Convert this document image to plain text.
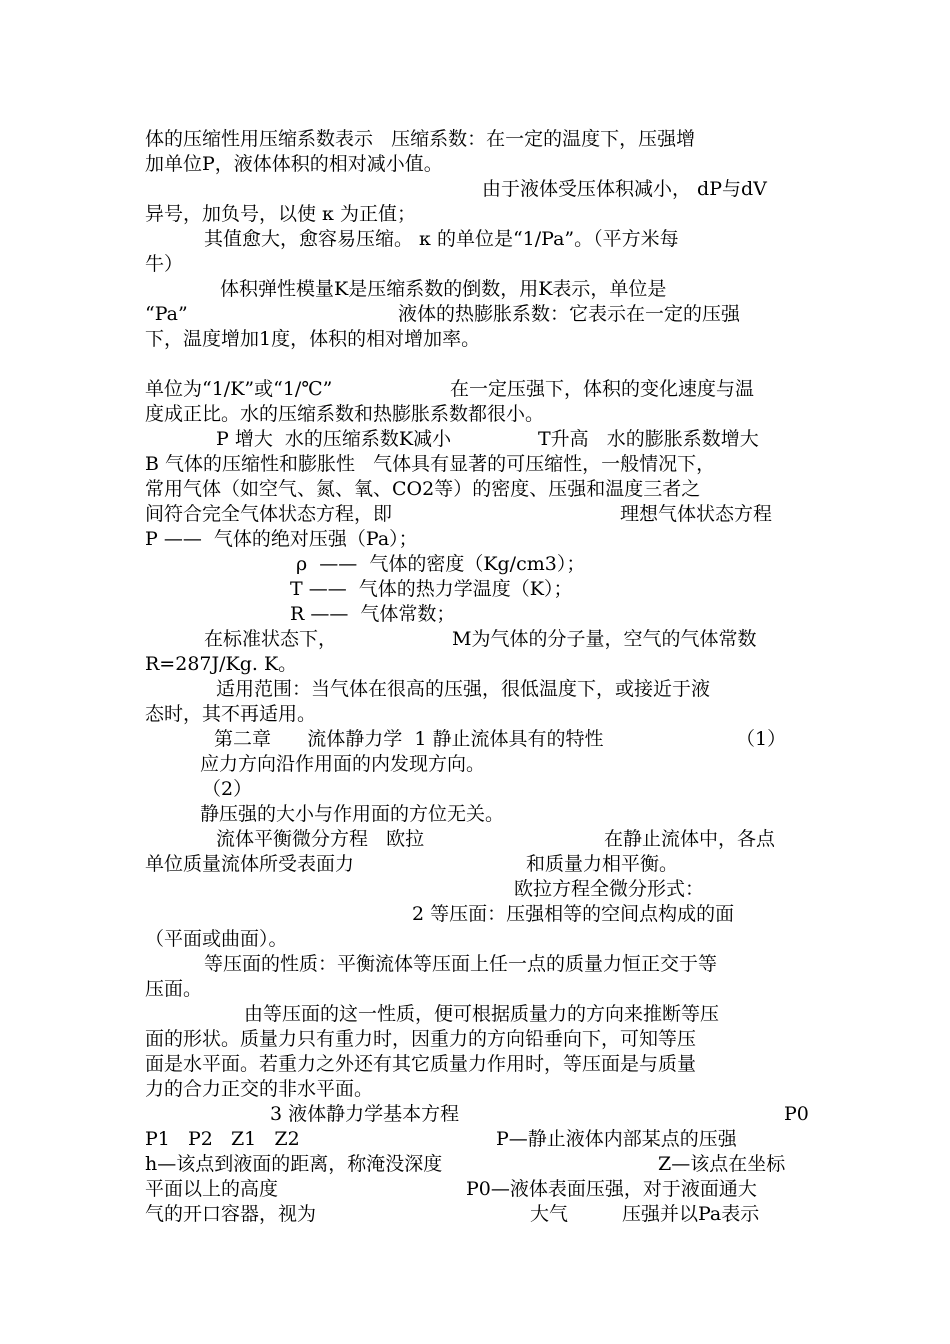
体的压缩性用压缩系数表示   压缩系数：在一定的温度下，压强增
加单位P，液体体积的相对减小值。
由于液体受压体积减小， dP与dV
异号，加负号，以使 κ 为正值；
其值愈大，愈容易压缩。 κ 的单位是“1/Pa”。（平方米每
牛）
体积弹性模量K是压缩系数的倒数，用K表示，单位是
“Pa”	液体的热膨胀系数：它表示在一定的压强
下，温度增加1度，体积的相对增加率。
单位为“1/K”或“1/℃”	在一定压强下，体积的变化速度与温
度成正比。水的压缩系数和热膨胀系数都很小。
P 增大  水的压缩系数K减小	T升高   水的膨胀系数增大
B 气体的压缩性和膨胀性   气体具有显著的可压缩性，一般情况下，
常用气体（如空气、氮、氧、CO2等）的密度、压强和温度三者之
间符合完全气体状态方程，即	理想气体状态方程
P ——  气体的绝对压强（Pa）；
ρ  ——  气体的密度（Kg/cm3）；
T ——  气体的热力学温度（K）；
R ——  气体常数；
在标准状态下，	M为气体的分子量，空气的气体常数
R=287J/Kg. K。
适用范围：当气体在很高的压强，很低温度下，或接近于液
态时，其不再适用。
第二章      流体静力学  1 静止流体具有的特性	（1）
应力方向沿作用面的内发现方向。
（2）
静压强的大小与作用面的方位无关。
流体平衡微分方程   欧拉	在静止流体中，各点
单位质量流体所受表面力	和质量力相平衡。
欧拉方程全微分形式：
2 等压面：压强相等的空间点构成的面
（平面或曲面）。
等压面的性质：平衡流体等压面上任一点的质量力恒正交于等
压面。
由等压面的这一性质，便可根据质量力的方向来推断等压
面的形状。质量力只有重力时，因重力的方向铅垂向下，可知等压
面是水平面。若重力之外还有其它质量力作用时，等压面是与质量
力的合力正交的非水平面。
3 液体静力学基本方程	P0
P1   P2   Z1   Z2	P—静止液体内部某点的压强
h—该点到液面的距离，称淹没深度	Z—该点在坐标
平面以上的高度	P0—液体表面压强，对于液面通大
气的开口容器，视为	大气	压强并以Pa表示
